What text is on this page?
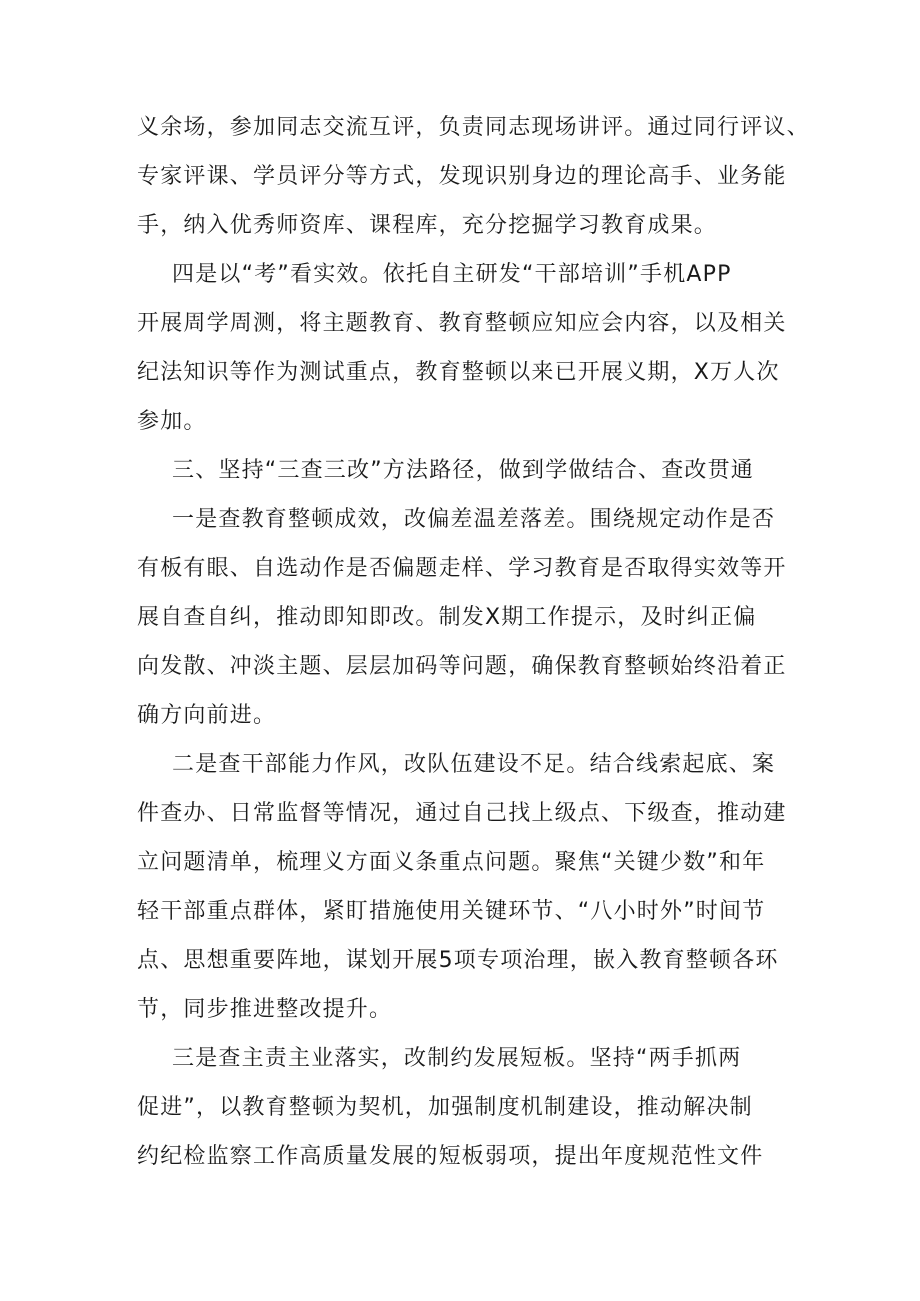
义余场，参加同志交流互评，负责同志现场讲评。通过同行评议、
专家评课、学员评分等方式，发现识别身边的理论高手、业务能
手，纳入优秀师资库、课程库，充分挖掘学习教育成果。
四是以“考”看实效。依托自主研发“干部培训”手机APP
开展周学周测，将主题教育、教育整顿应知应会内容，以及相关
纪法知识等作为测试重点，教育整顿以来已开展义期，X万人次
参加。
三、坚持“三查三改”方法路径，做到学做结合、查改贯通
一是查教育整顿成效，改偏差温差落差。围绕规定动作是否
有板有眼、自选动作是否偏题走样、学习教育是否取得实效等开
展自查自纠，推动即知即改。制发X期工作提示，及时纠正偏
向发散、冲淡主题、层层加码等问题，确保教育整顿始终沿着正
确方向前进。
二是查干部能力作风，改队伍建设不足。结合线索起底、案
件查办、日常监督等情况，通过自己找上级点、下级查，推动建
立问题清单，梳理义方面义条重点问题。聚焦“关键少数”和年
轻干部重点群体，紧盯措施使用关键环节、“八小时外”时间节
点、思想重要阵地，谋划开展5项专项治理，嵌入教育整顿各环
节，同步推进整改提升。
三是查主责主业落实，改制约发展短板。坚持“两手抓两
促进”，以教育整顿为契机，加强制度机制建设，推动解决制
约纪检监察工作高质量发展的短板弱项，提出年度规范性文件
